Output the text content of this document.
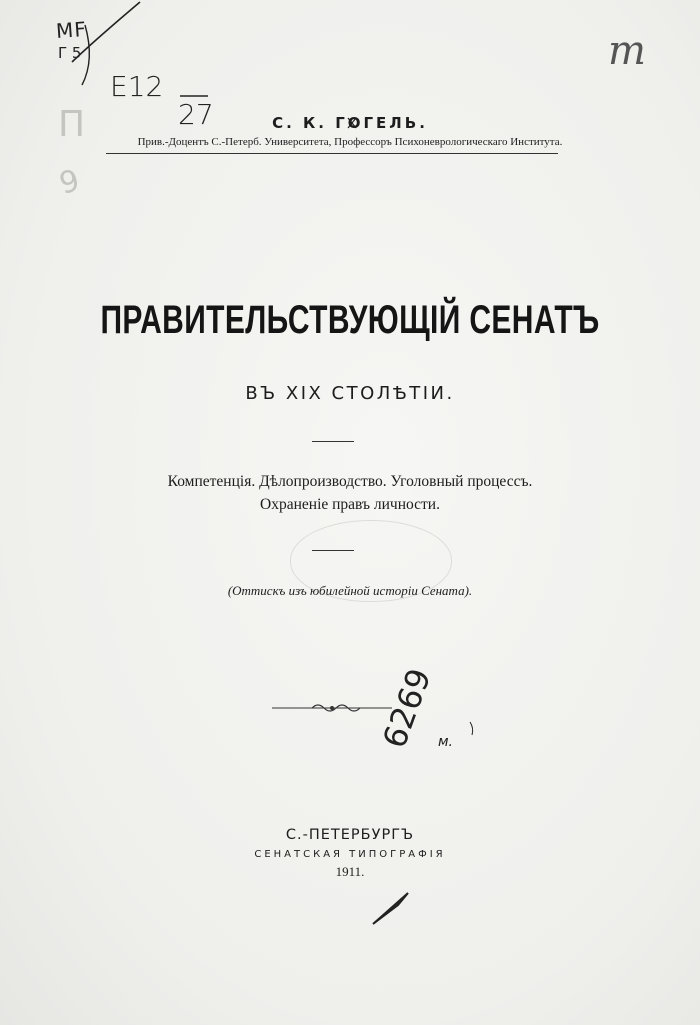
МF
Г 5
E12
27
m
П
9
С. К. ГОГЕЛЬ.
Прив.-Доцентъ С.-Петерб. Университета, Профессоръ Психоневрологическаго Института.
ПРАВИТЕЛЬСТВУЮЩІЙ СЕНАТЪ
ВЪ XIX СТОЛѢТІИ.
Компетенція. Дѣлопроизводство. Уголовный процессъ.
Охраненіе правъ личности.
(Оттискъ изъ юбилейной исторіи Сената).
6269 м.
С.-ПЕТЕРБУРГЪ
СЕНАТСКАЯ ТИПОГРАФІЯ
1911.
